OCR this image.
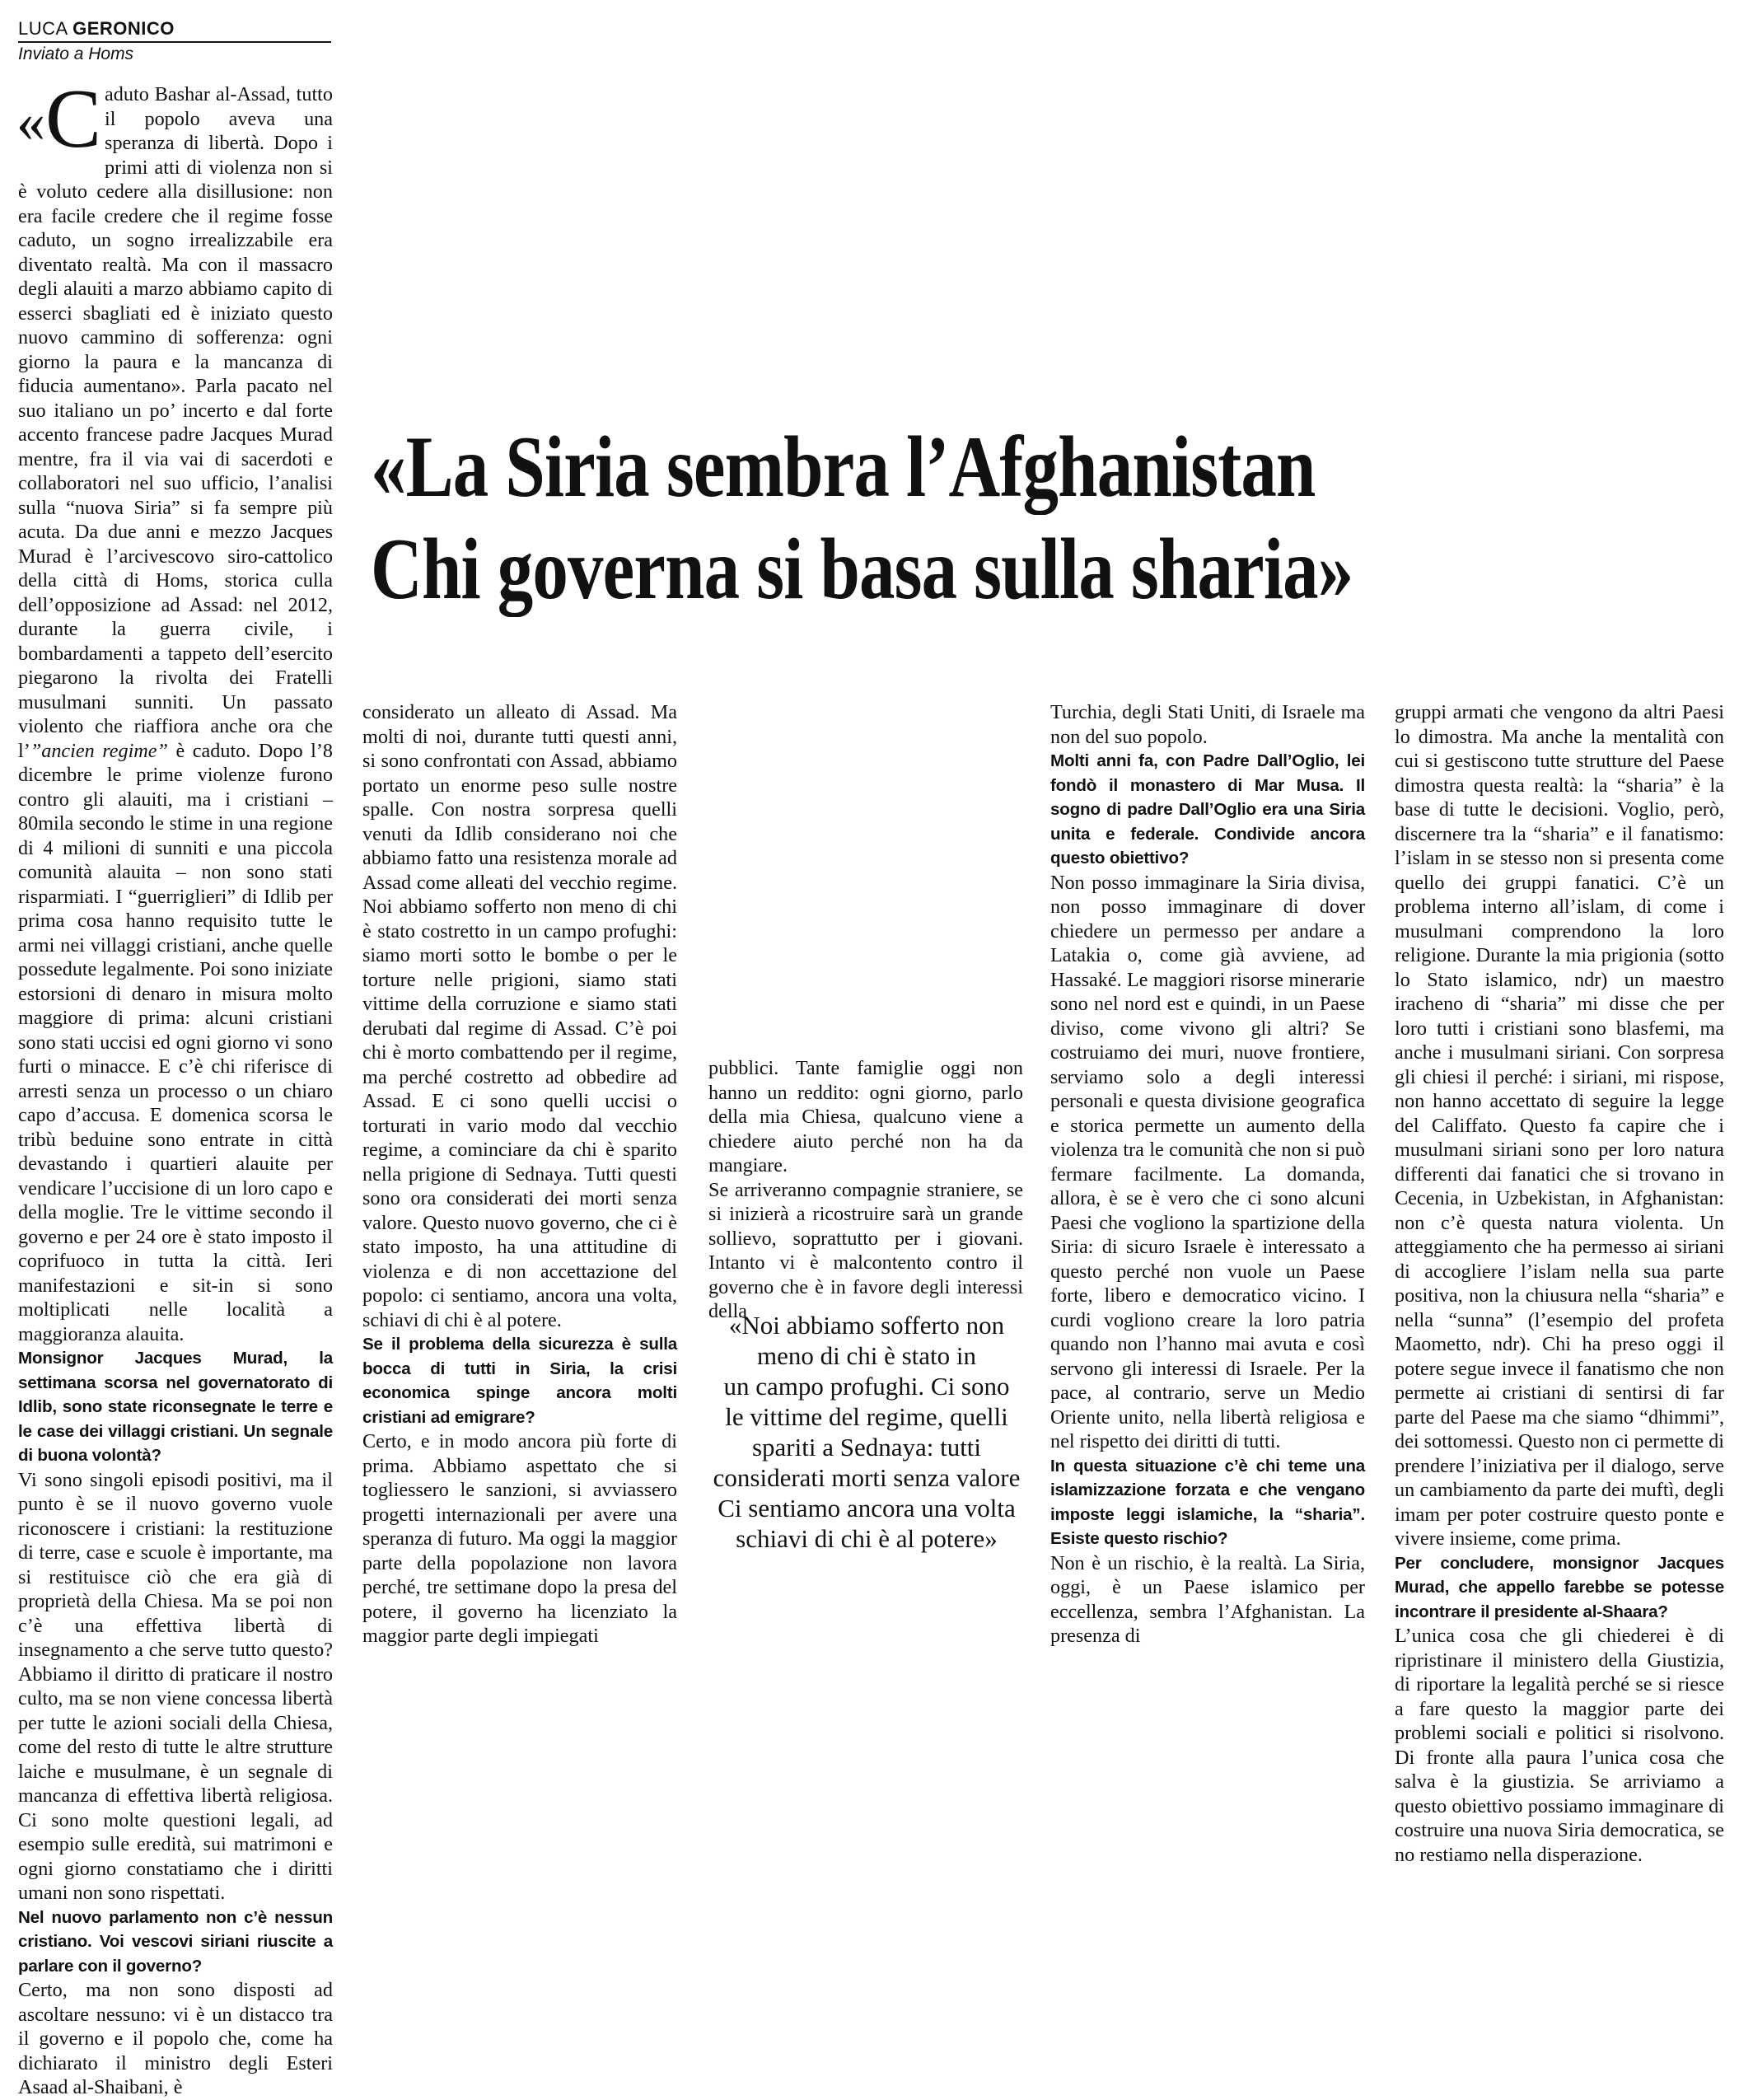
LUCA GERONICO
Inviato a Homs

«C aduto Bashar al-Assad, tutto il popolo aveva una speranza di libertà. Dopo i primi atti di violenza non si è voluto cedere alla disillusione: non era facile credere che il regime fosse caduto, un sogno irrealizzabile era diventato realtà. Ma con il massacro degli alauiti a marzo abbiamo capito di esserci sbagliati ed è iniziato questo nuovo cammino di sofferenza: ogni giorno la paura e la mancanza di fiducia aumentano». Parla pacato nel suo italiano un po’ incerto e dal forte accento francese padre Jacques Murad mentre, fra il via vai di sacerdoti e collaboratori nel suo ufficio, l’analisi sulla “nuova Siria” si fa sempre più acuta. Da due anni e mezzo Jacques Murad è l’arcivescovo siro-cattolico della città di Homs, storica culla dell’opposizione ad Assad: nel 2012, durante la guerra civile, i bombardamenti a tappeto dell’esercito piegarono la rivolta dei Fratelli musulmani sunniti. Un passato violento che riaffiora anche ora che l’”ancien regime” è caduto. Dopo l’8 dicembre le prime violenze furono contro gli alauiti, ma i cristiani – 80mila secondo le stime in una regione di 4 milioni di sunniti e una piccola comunità alauita – non sono stati risparmiati. I “guerriglieri” di Idlib per prima cosa hanno requisito tutte le armi nei villaggi cristiani, anche quelle possedute legalmente. Poi sono iniziate estorsioni di denaro in misura molto maggiore di prima: alcuni cristiani sono stati uccisi ed ogni giorno vi sono furti o minacce. E c’è chi riferisce di arresti senza un processo o un chiaro capo d’accusa. E domenica scorsa le tribù beduine sono entrate in città devastando i quartieri alauite per vendicare l’uccisione di un loro capo e della moglie. Tre le vittime secondo il governo e per 24 ore è stato imposto il coprifuoco in tutta la città. Ieri manifestazioni e sit-in si sono moltiplicati nelle località a maggioranza alauita.

Monsignor Jacques Murad, la settimana scorsa nel governatorato di Idlib, sono state riconsegnate le terre e le case dei villaggi cristiani. Un segnale di buona volontà?

Vi sono singoli episodi positivi, ma il punto è se il nuovo governo vuole riconoscere i cristiani: la restituzione di terre, case e scuole è importante, ma si restituisce ciò che era già di proprietà della Chiesa. Ma se poi non c’è una effettiva libertà di insegnamento a che serve tutto questo? Abbiamo il diritto di praticare il nostro culto, ma se non viene concessa libertà per tutte le azioni sociali della Chiesa, come del resto di tutte le altre strutture laiche e musulmane, è un segnale di mancanza di effettiva libertà religiosa. Ci sono molte questioni legali, ad esempio sulle eredità, sui matrimoni e ogni giorno constatiamo che i diritti umani non sono rispettati.

Nel nuovo parlamento non c’è nessun cristiano. Voi vescovi siriani riuscite a parlare con il governo?

Certo, ma non sono disposti ad ascoltare nessuno: vi è un distacco tra il governo e il popolo che, come ha dichiarato il ministro degli Esteri Asaad al-Shaibani, è

«La Siria sembra l’Afghanistan
Chi governa si basa sulla sharia»

considerato un alleato di Assad. Ma molti di noi, durante tutti questi anni, si sono confrontati con Assad, abbiamo portato un enorme peso sulle nostre spalle. Con nostra sorpresa quelli venuti da Idlib considerano noi che abbiamo fatto una resistenza morale ad Assad come alleati del vecchio regime. Noi abbiamo sofferto non meno di chi è stato costretto in un campo profughi: siamo morti sotto le bombe o per le torture nelle prigioni, siamo stati vittime della corruzione e siamo stati derubati dal regime di Assad. C’è poi chi è morto combattendo per il regime, ma perché costretto ad obbedire ad Assad. E ci sono quelli uccisi o torturati in vario modo dal vecchio regime, a cominciare da chi è sparito nella prigione di Sednaya. Tutti questi sono ora considerati dei morti senza valore. Questo nuovo governo, che ci è stato imposto, ha una attitudine di violenza e di non accettazione del popolo: ci sentiamo, ancora una volta, schiavi di chi è al potere.

Se il problema della sicurezza è sulla bocca di tutti in Siria, la crisi economica spinge ancora molti cristiani ad emigrare?

Certo, e in modo ancora più forte di prima. Abbiamo aspettato che si togliessero le sanzioni, si avviassero progetti internazionali per avere una speranza di futuro. Ma oggi la maggior parte della popolazione non lavora perché, tre settimane dopo la presa del potere, il governo ha licenziato la maggior parte degli impiegati

pubblici. Tante famiglie oggi non hanno un reddito: ogni giorno, parlo della mia Chiesa, qualcuno viene a chiedere aiuto perché non ha da mangiare.

Se arriveranno compagnie straniere, se si inizierà a ricostruire sarà un grande sollievo, soprattutto per i giovani. Intanto vi è malcontento contro il governo che è in favore degli interessi della

«Noi abbiamo sofferto non
meno di chi è stato in
un campo profughi. Ci sono
le vittime del regime, quelli
spariti a Sednaya: tutti
considerati morti senza valore
Ci sentiamo ancora una volta
schiavi di chi è al potere»

Turchia, degli Stati Uniti, di Israele ma non del suo popolo.

Molti anni fa, con Padre Dall’Oglio, lei fondò il monastero di Mar Musa. Il sogno di padre Dall’Oglio era una Siria unita e federale. Condivide ancora questo obiettivo?

Non posso immaginare la Siria divisa, non posso immaginare di dover chiedere un permesso per andare a Latakia o, come già avviene, ad Hassaké. Le maggiori risorse minerarie sono nel nord est e quindi, in un Paese diviso, come vivono gli altri? Se costruiamo dei muri, nuove frontiere, serviamo solo a degli interessi personali e questa divisione geografica e storica permette un aumento della violenza tra le comunità che non si può fermare facilmente. La domanda, allora, è se è vero che ci sono alcuni Paesi che vogliono la spartizione della Siria: di sicuro Israele è interessato a questo perché non vuole un Paese forte, libero e democratico vicino. I curdi vogliono creare la loro patria quando non l’hanno mai avuta e così servono gli interessi di Israele. Per la pace, al contrario, serve un Medio Oriente unito, nella libertà religiosa e nel rispetto dei diritti di tutti.

In questa situazione c’è chi teme una islamizzazione forzata e che vengano imposte leggi islamiche, la “sharia”. Esiste questo rischio?

Non è un rischio, è la realtà. La Siria, oggi, è un Paese islamico per eccellenza, sembra l’Afghanistan. La presenza di

gruppi armati che vengono da altri Paesi lo dimostra. Ma anche la mentalità con cui si gestiscono tutte strutture del Paese dimostra questa realtà: la “sharia” è la base di tutte le decisioni. Voglio, però, discernere tra la “sharia” e il fanatismo: l’islam in se stesso non si presenta come quello dei gruppi fanatici. C’è un problema interno all’islam, di come i musulmani comprendono la loro religione. Durante la mia prigionia (sotto lo Stato islamico, ndr) un maestro iracheno di “sharia” mi disse che per loro tutti i cristiani sono blasfemi, ma anche i musulmani siriani. Con sorpresa gli chiesi il perché: i siriani, mi rispose, non hanno accettato di seguire la legge del Califfato. Questo fa capire che i musulmani siriani sono per loro natura differenti dai fanatici che si trovano in Cecenia, in Uzbekistan, in Afghanistan: non c’è questa natura violenta. Un atteggiamento che ha permesso ai siriani di accogliere l’islam nella sua parte positiva, non la chiusura nella “sharia” e nella “sunna” (l’esempio del profeta Maometto, ndr). Chi ha preso oggi il potere segue invece il fanatismo che non permette ai cristiani di sentirsi di far parte del Paese ma che siamo “dhimmi”, dei sottomessi. Questo non ci permette di prendere l’iniziativa per il dialogo, serve un cambiamento da parte dei muftì, degli imam per poter costruire questo ponte e vivere insieme, come prima.

Per concludere, monsignor Jacques Murad, che appello farebbe se potesse incontrare il presidente al-Shaara?

L’unica cosa che gli chiederei è di ripristinare il ministero della Giustizia, di riportare la legalità perché se si riesce a fare questo la maggior parte dei problemi sociali e politici si risolvono. Di fronte alla paura l’unica cosa che salva è la giustizia. Se arriviamo a questo obiettivo possiamo immaginare di costruire una nuova Siria democratica, se no restiamo nella disperazione.
